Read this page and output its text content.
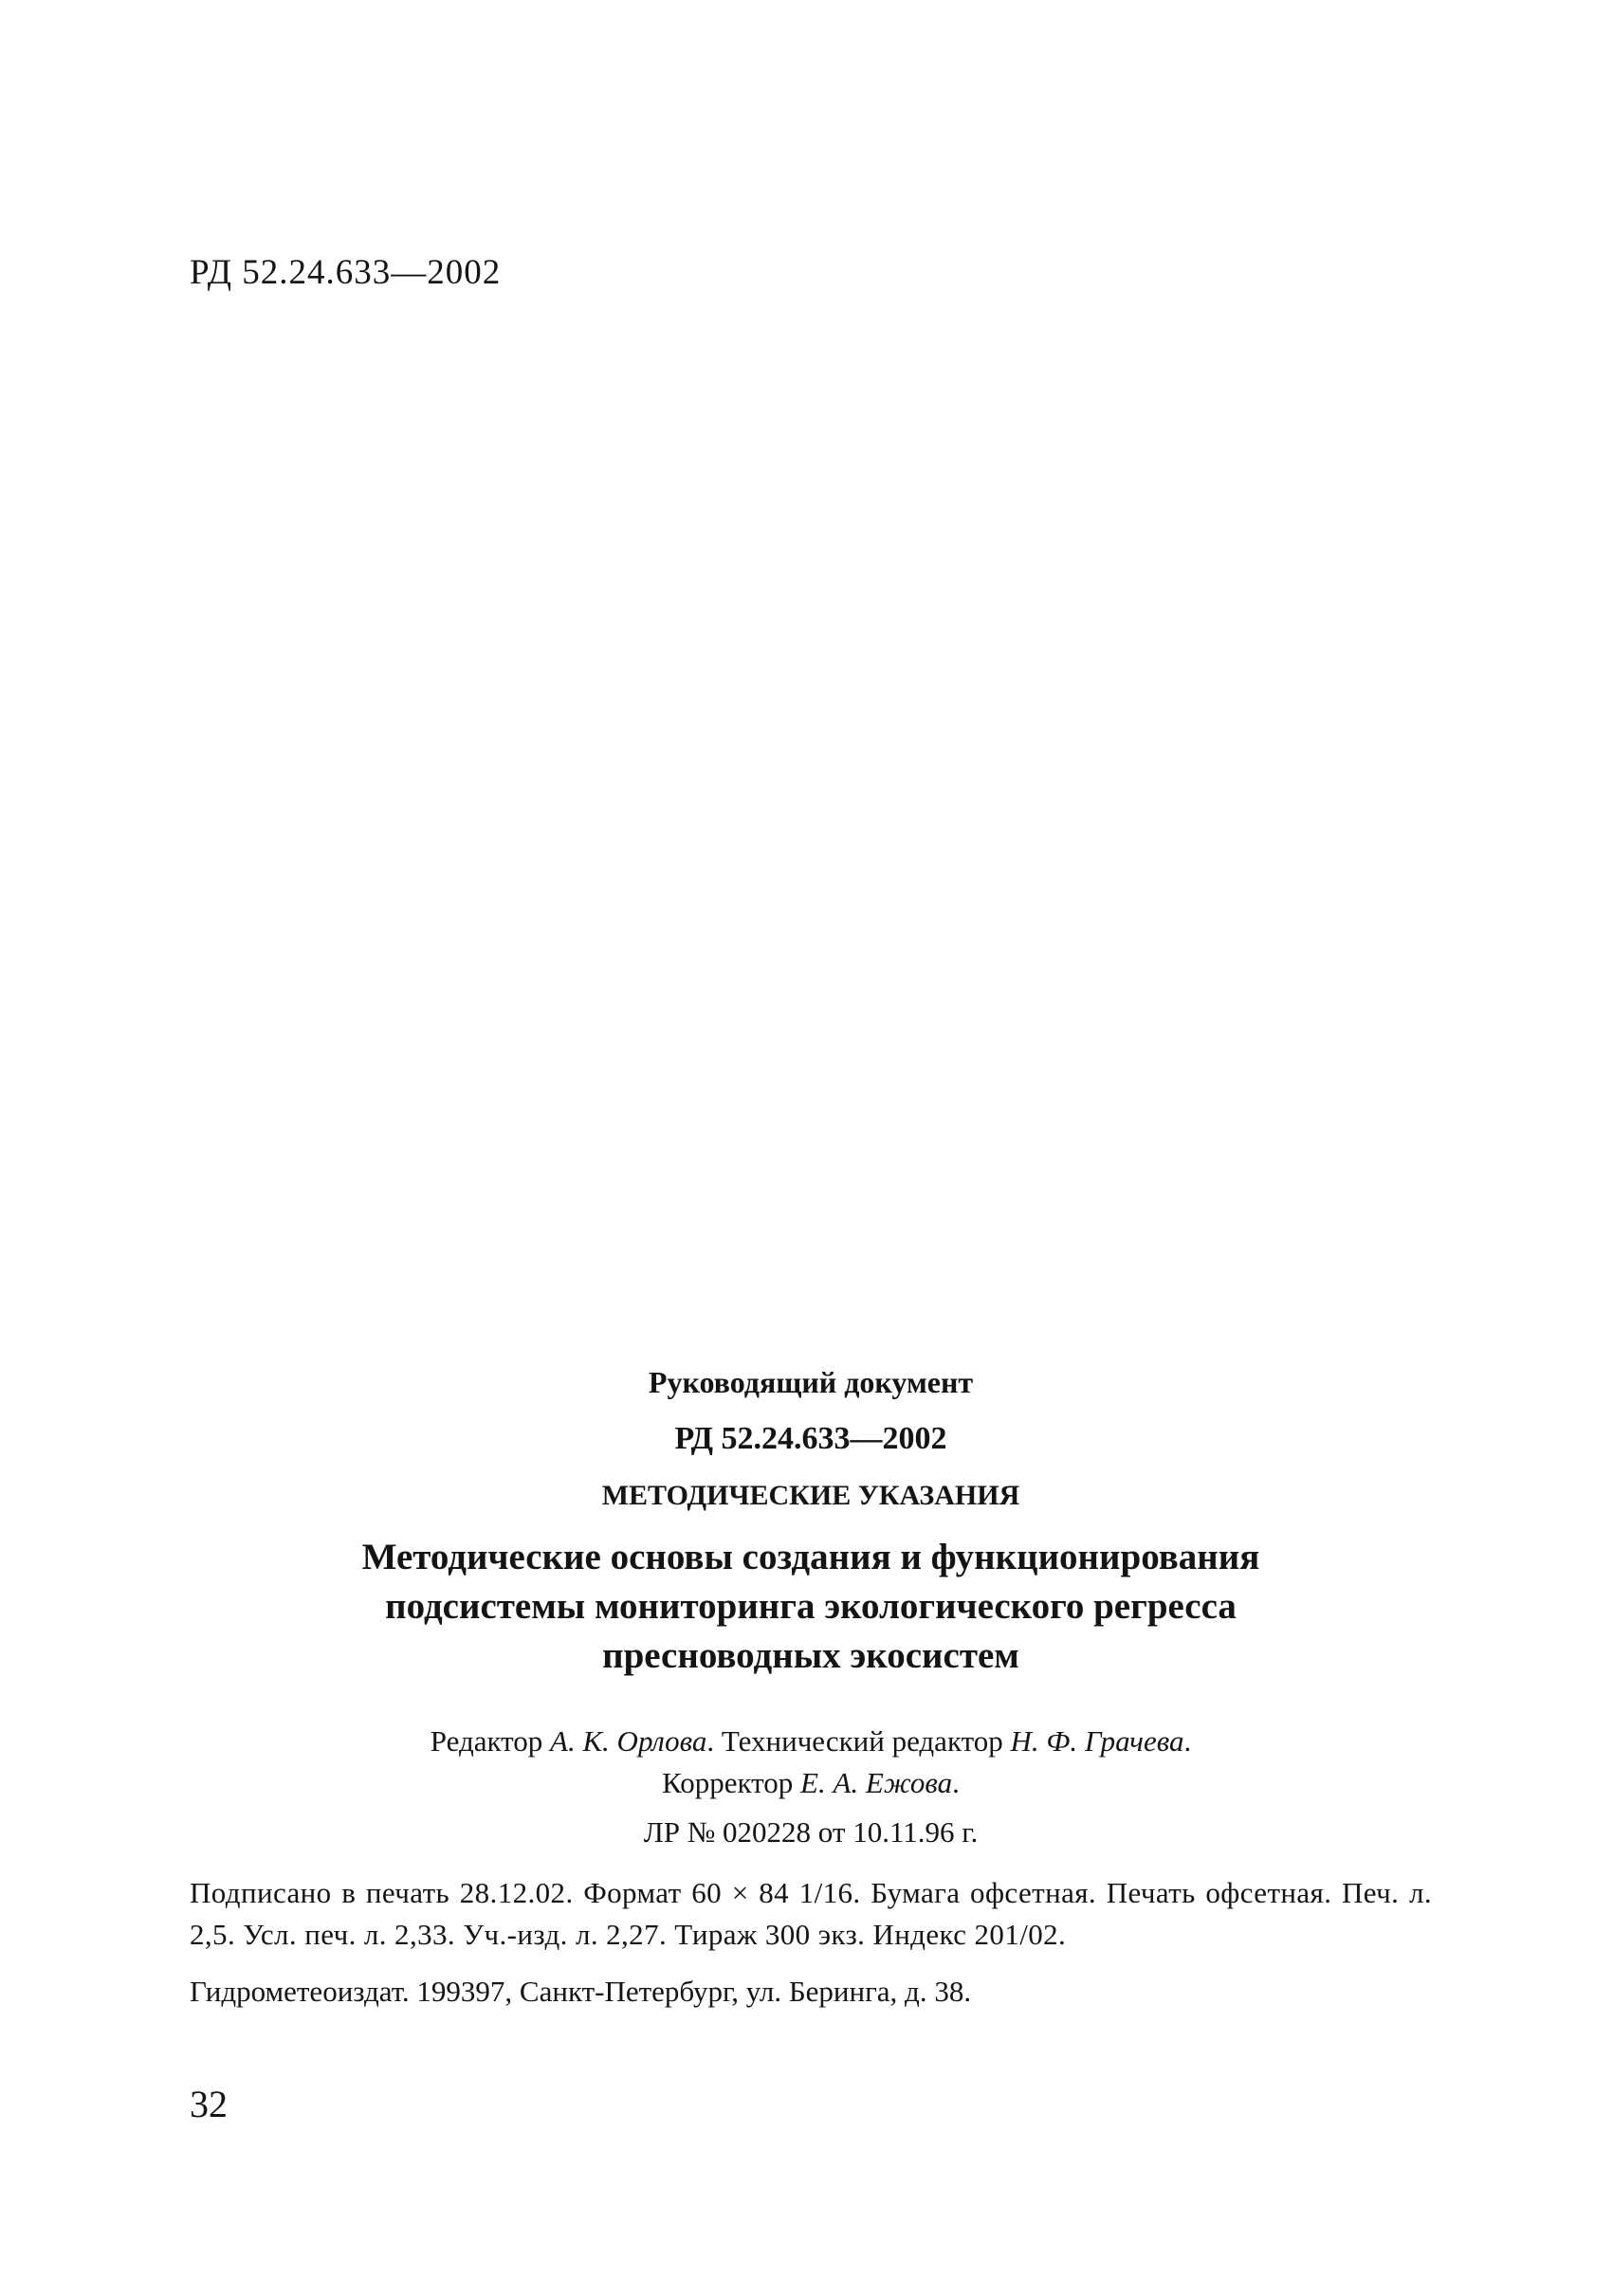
РД 52.24.633—2002
Руководящий документ
РД 52.24.633—2002
МЕТОДИЧЕСКИЕ УКАЗАНИЯ
Методические основы создания и функционирования
подсистемы мониторинга экологического регресса
пресноводных экосистем
Редактор А. К. Орлова. Технический редактор Н. Ф. Грачева.
Корректор Е. А. Ежова.
ЛР № 020228 от 10.11.96 г.
Подписано в печать 28.12.02. Формат 60 × 84 1/16. Бумага офсетная. Печать офсетная. Печ. л. 2,5. Усл. печ. л. 2,33. Уч.-изд. л. 2,27. Тираж 300 экз. Индекс 201/02.
Гидрометеоиздат. 199397, Санкт-Петербург, ул. Беринга, д. 38.
32
